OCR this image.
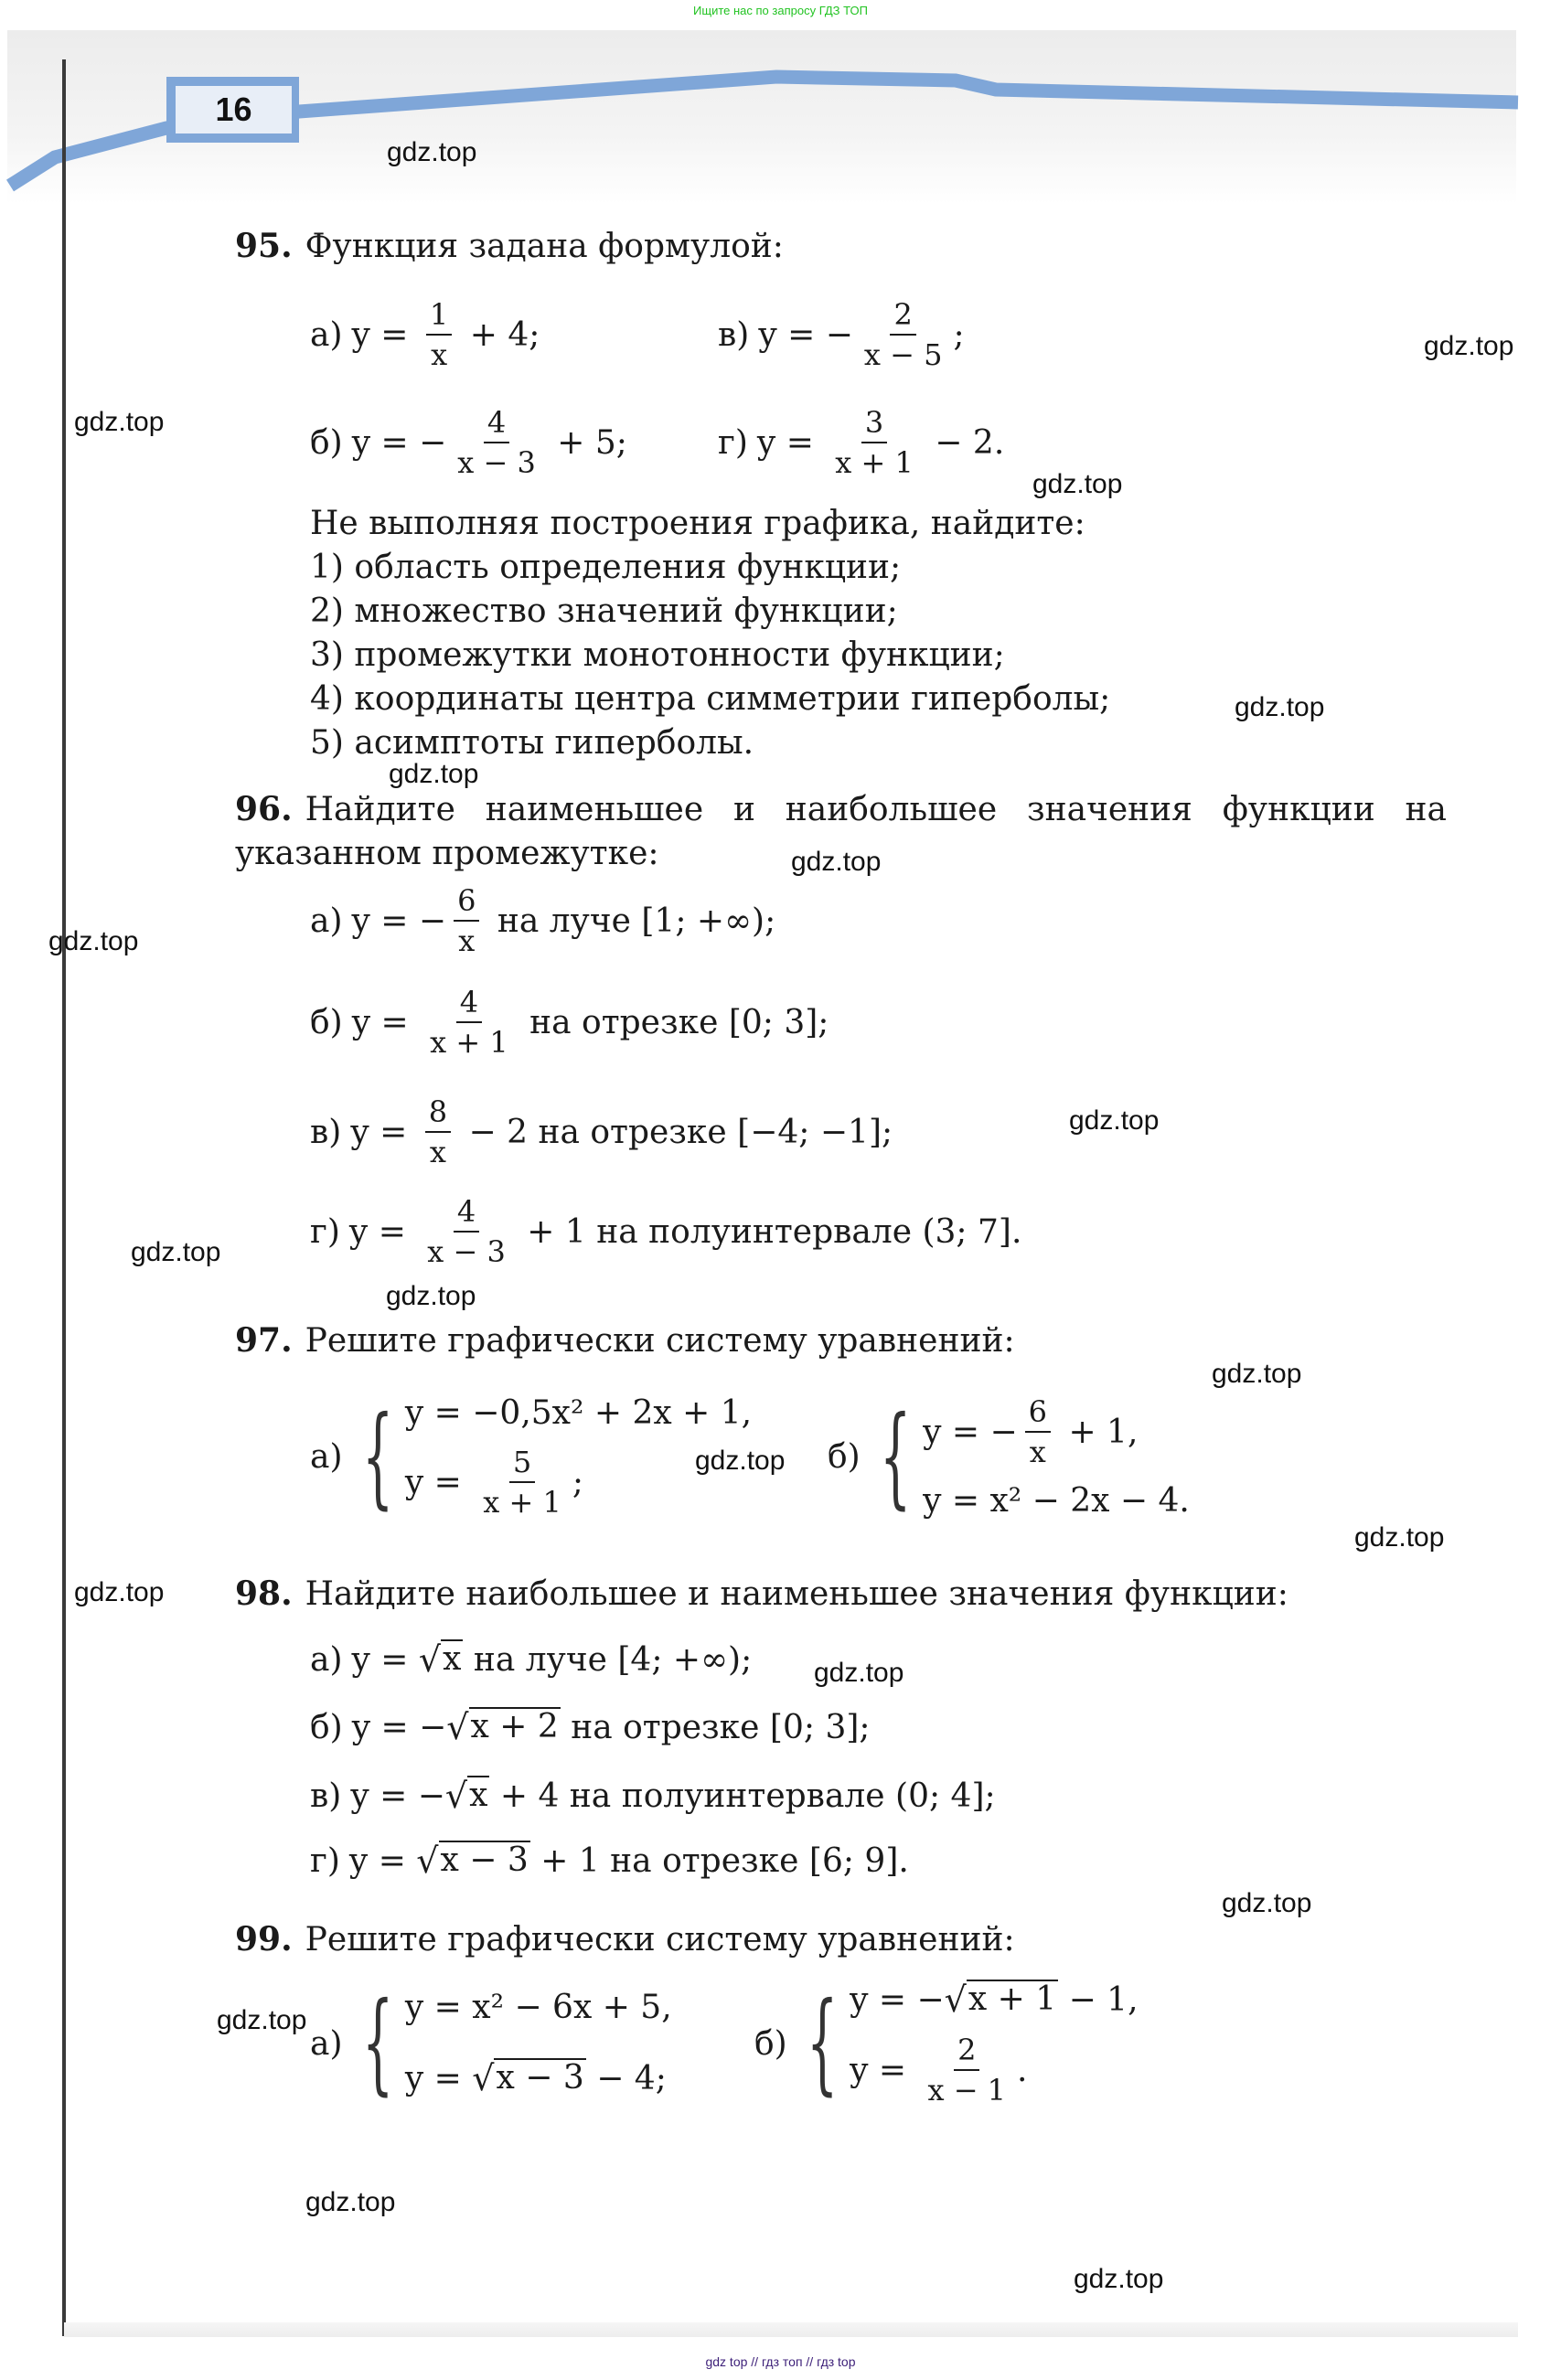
Ищите нас по запросу ГДЗ ТОП
16
95. Функция задана формулой:
а) $y = \frac{1}{x} + 4$;	в) y = − $\frac{2}{x - 5}$ ;
б) y = − $\frac{4}{x - 3} + 5$;	г) $y = \frac{3}{x + 1} - 2$.
Не выполняя построения графика, найдите:
1) область определения функции;
2) множество значений функции;
3) промежутки монотонности функции;
4) координаты центра симметрии гиперболы;
5) асимптоты гиперболы.
96. Найдите наименьшее и наибольшее значения функции на указанном промежутке:
а) y = − $\frac{6}{x}$ на луче [1; +∞);
б) $y = \frac{4}{x + 1}$ на отрезке [0; 3];
в) $y = \frac{8}{x} - 2$ на отрезке [−4; −1];
г) $y = \frac{4}{x - 3} + 1$ на полуинтервале (3; 7].
97. Решите графически систему уравнений:
а) { y = −0,5x² + 2x + 1,
$y = \frac{5}{x + 1}$ ;
б) { y = − $\frac{6}{x} + 1$,
y = x² − 2x − 4.
98. Найдите наибольшее и наименьшее значения функции:
а) y = √ x на луче [4; +∞);
б) y = − √ x + 2 на отрезке [0; 3];
в) y = − √ x + 4 на полуинтервале (0; 4];
г) y = √ x − 3 + 1 на отрезке [6; 9].
99. Решите графически систему уравнений:
а) { y = x² − 6x + 5,
y = √ x − 3 − 4;
б) { y = − √ x + 1 − 1,
$y = \frac{2}{x - 1}$ .
gdz.top
gdz.top
gdz.top
gdz.top
gdz.top
gdz.top
gdz.top
gdz.top
gdz.top
gdz.top
gdz.top
gdz.top
gdz.top
gdz.top
gdz.top
gdz.top
gdz.top
gdz.top
gdz.top
gdz.top
gdz top // гдз топ // гдз top
